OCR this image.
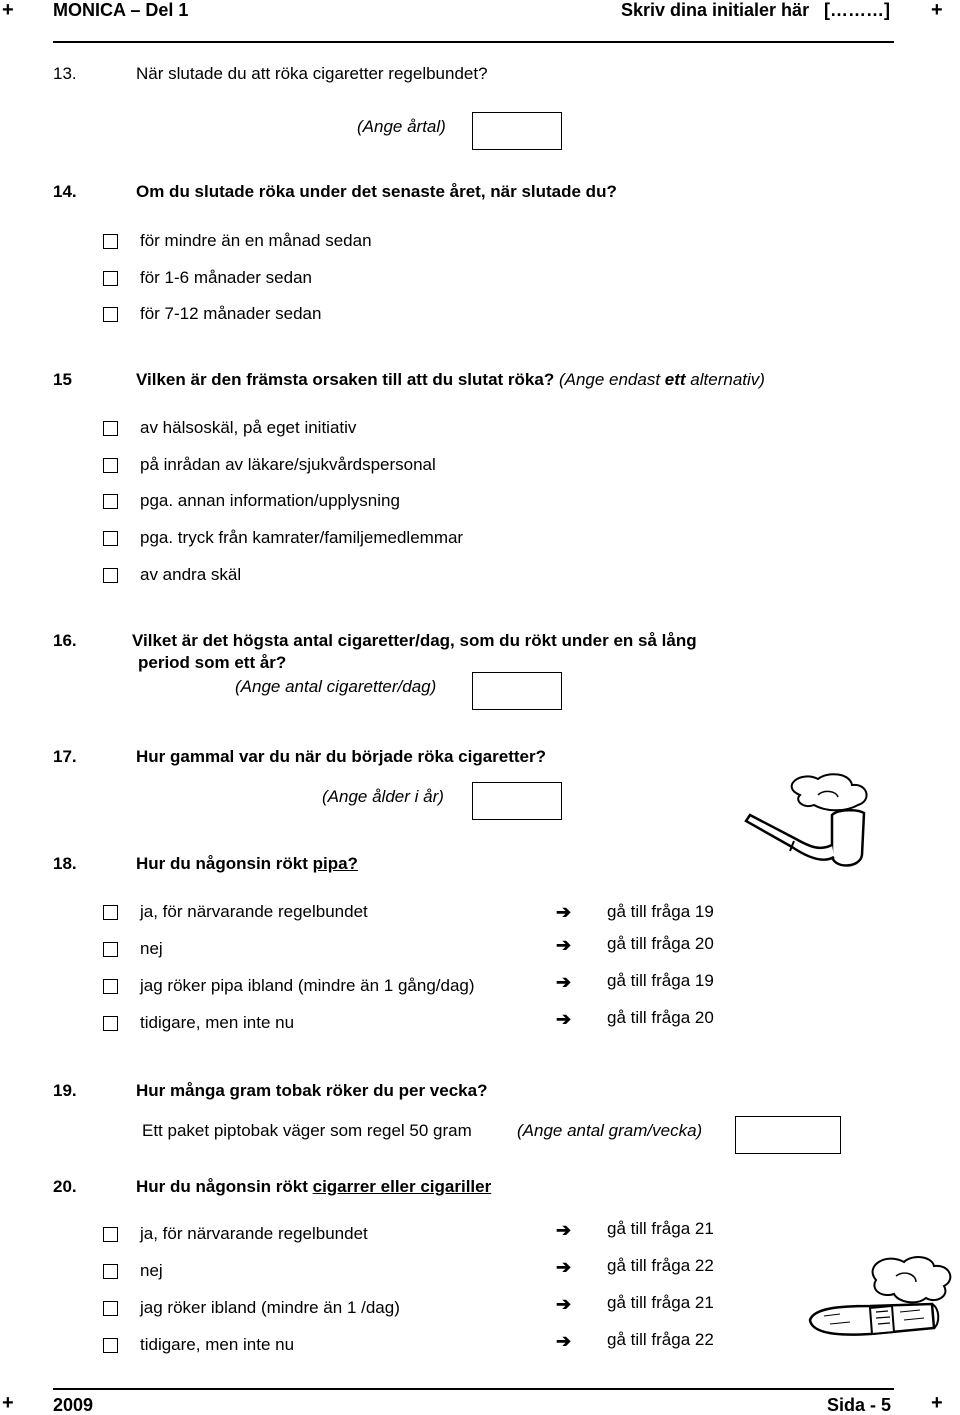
+ MONICA – Del 1	Skriv dina initialer här [………] +
13.	När slutade du att röka cigaretter regelbundet?
(Ange årtal)
14.	Om du slutade röka under det senaste året, när slutade du?
för mindre än en månad sedan
för 1-6 månader sedan
för 7-12 månader sedan
15	Vilken är den främsta orsaken till att du slutat röka? (Ange endast ett alternativ)
av hälsoskäl, på eget initiativ
på inrådan av läkare/sjukvårdspersonal
pga. annan information/upplysning
pga. tryck från kamrater/familjemedlemmar
av andra skäl
16.	Vilket är det högsta antal cigaretter/dag, som du rökt under en så lång
period som ett år?
(Ange antal cigaretter/dag)
17.	Hur gammal var du när du började röka cigaretter?
(Ange ålder i år)
18.	Hur du någonsin rökt pipa?
ja, för närvarande regelbundet	➔ gå till fråga 19
nej	➔ gå till fråga 20
jag röker pipa ibland (mindre än 1 gång/dag)	➔ gå till fråga 19
tidigare, men inte nu	➔ gå till fråga 20
19.	Hur många gram tobak röker du per vecka?
Ett paket piptobak väger som regel 50 gram	(Ange antal gram/vecka)
20.	Hur du någonsin rökt cigarrer eller cigariller
ja, för närvarande regelbundet	➔ gå till fråga 21
nej	➔ gå till fråga 22
jag röker ibland (mindre än 1 /dag)	➔ gå till fråga 21
tidigare, men inte nu	➔ gå till fråga 22
+ 2009	Sida - 5 +
